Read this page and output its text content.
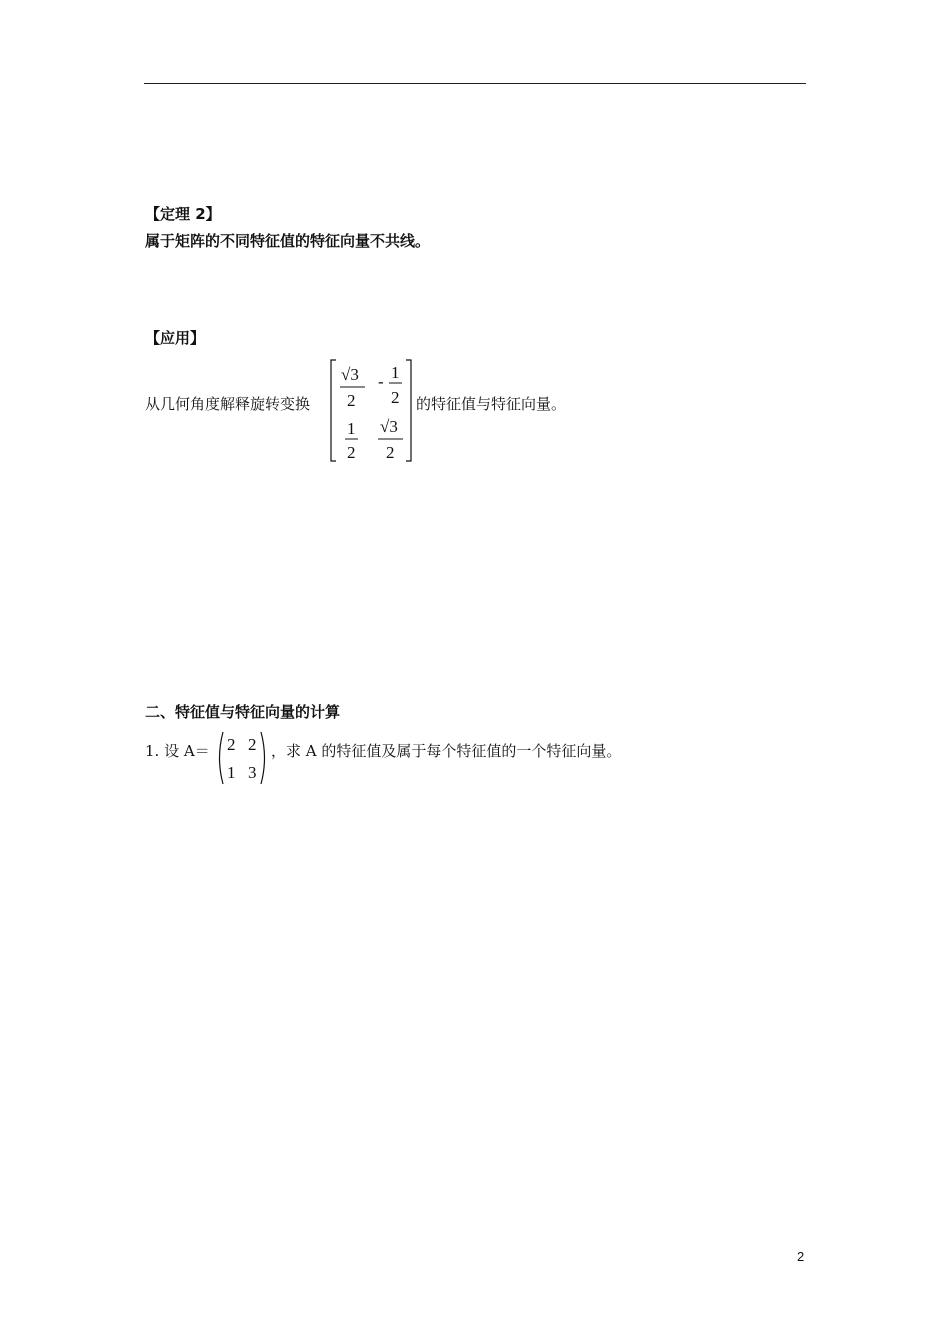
【定理 2】
属于矩阵的不同特征值的特征向量不共线。
【应用】
从几何角度解释旋转变换
√3
2
- 1
2
1
2
√3
2
的特征值与特征向量。
二、特征值与特征向量的计算
1. 设 A＝ 2 2
1 3
，求 A 的特征值及属于每个特征值的一个特征向量。
2
